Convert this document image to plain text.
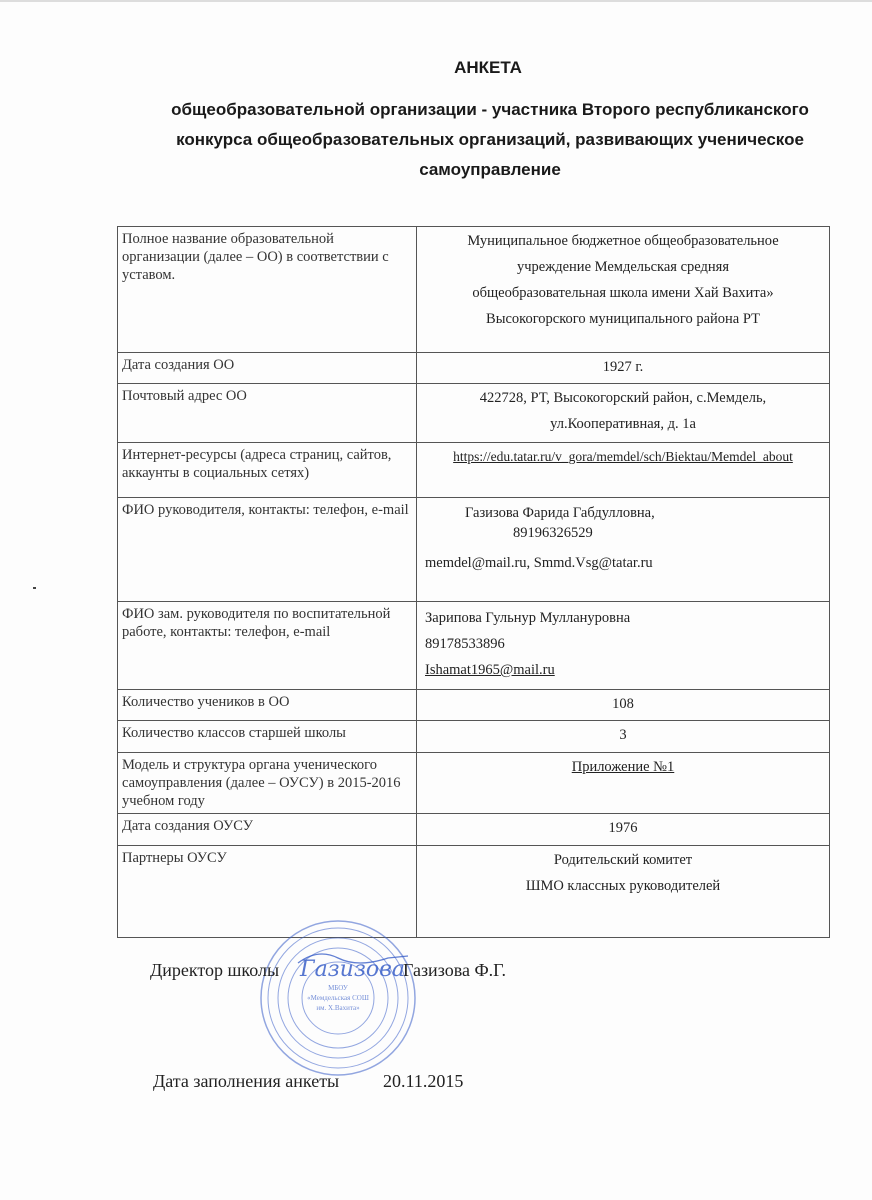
АНКЕТА
общеобразовательной организации - участника Второго республиканского конкурса общеобразовательных организаций, развивающих ученическое самоуправление
Полное название образовательной организации (далее – ОО) в соответствии с уставом.	Муниципальное бюджетное общеобразовательное
учреждение Мемдельская средняя
общеобразовательная школа имени Хай Вахита»
Высокогорского муниципального района РТ

Дата создания ОО	1927 г.
Почтовый адрес ОО	422728, РТ, Высокогорский район, с.Мемдель,
ул.Кооперативная, д. 1а

Интернет-ресурсы (адреса страниц, сайтов, аккаунты в социальных сетях)	https://edu.tatar.ru/v_gora/memdel/sch/Biektau/Memdel_about
ФИО руководителя, контакты: телефон, e-mail	Газизова Фарида Габдулловна,
89196326529
memdel@mail.ru, Smmd.Vsg@tatar.ru

ФИО зам. руководителя по воспитательной работе, контакты: телефон, e-mail	Зарипова Гульнур Муллануровна
89178533896
Ishamat1965@mail.ru

Количество учеников в ОО	108
Количество классов старшей школы	3
Модель и структура органа ученического самоуправления (далее – ОУСУ) в 2015-2016 учебном году	Приложение №1
Дата создания ОУСУ	1976
Партнеры ОУСУ	Родительский комитет
ШМО классных руководителей
МБОУ
«Мемдельская СОШ
им. Х.Вахита»
Газизова
Директор школы	Газизова Ф.Г.
Дата заполнения анкеты 20.11.2015
